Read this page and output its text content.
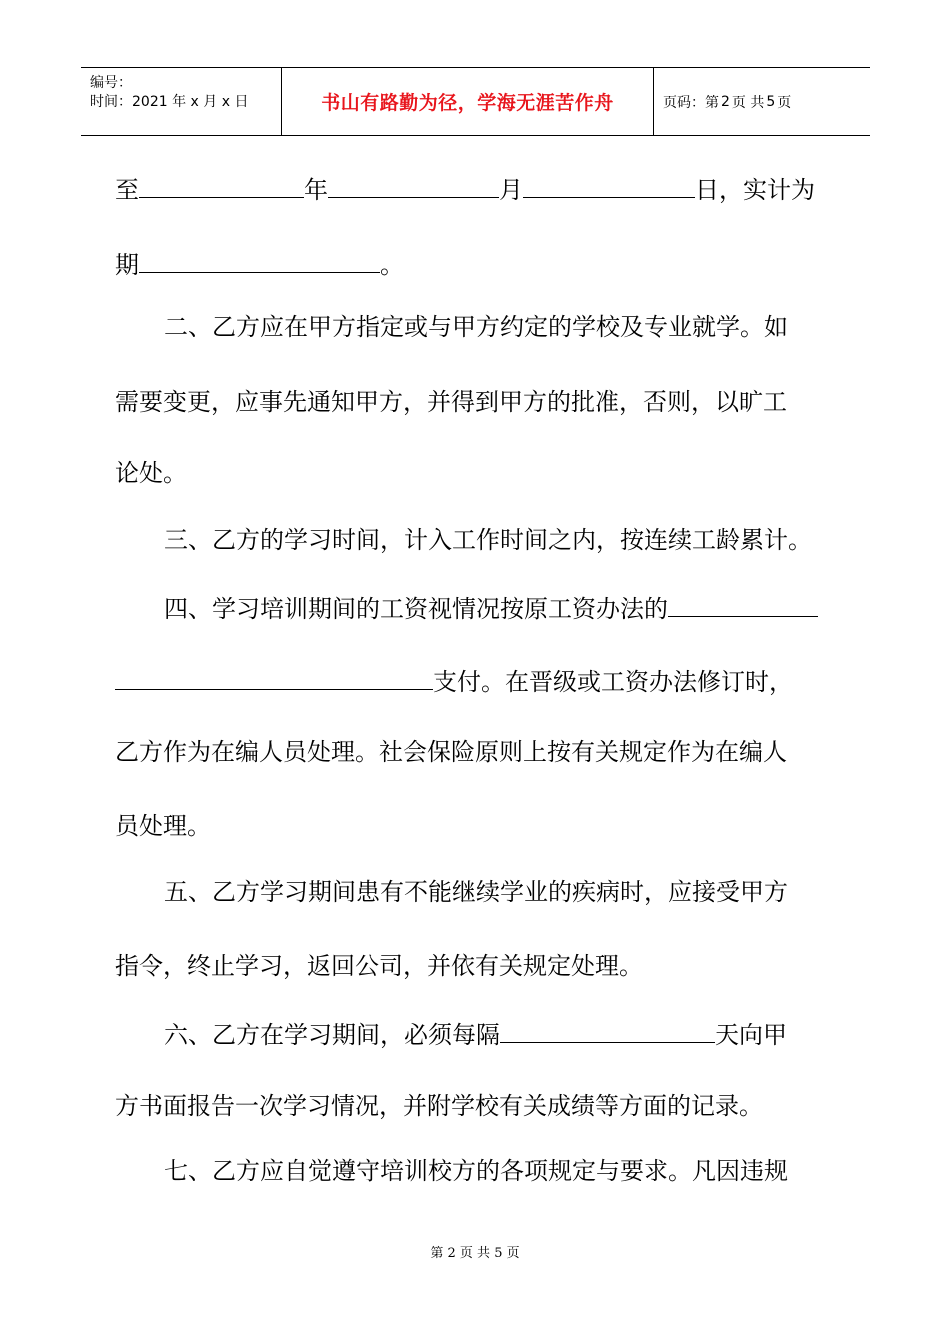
编号：
时间：2021 年 x 月 x 日	书山有路勤为径，学海无涯苦作舟	页码：第 2 页 共 5 页
至	年	月	日，实计为
期	。
二、乙方应在甲方指定或与甲方约定的学校及专业就学。如
需要变更，应事先通知甲方，并得到甲方的批准，否则，以旷工
论处。
三、乙方的学习时间，计入工作时间之内，按连续工龄累计。
四、学习培训期间的工资视情况按原工资办法的
支付。在晋级或工资办法修订时，
乙方作为在编人员处理。社会保险原则上按有关规定作为在编人
员处理。
五、乙方学习期间患有不能继续学业的疾病时，应接受甲方
指令，终止学习，返回公司，并依有关规定处理。
六、乙方在学习期间，必须每隔	天向甲
方书面报告一次学习情况，并附学校有关成绩等方面的记录。
七、乙方应自觉遵守培训校方的各项规定与要求。凡因违规
第 2 页 共 5 页
